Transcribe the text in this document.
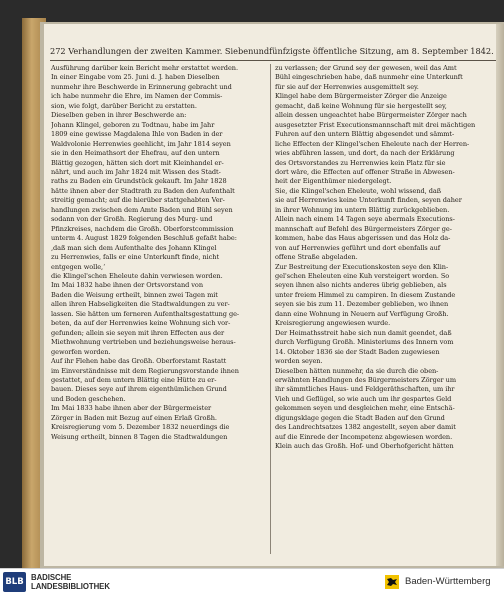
272 Verhandlungen der zweiten Kammer. Siebenundfünfzigste öffentliche Sitzung, am 8. September 1842.
Ausführung darüber kein Bericht mehr erstattet werden.
In einer Eingabe vom 25. Juni d. J. haben Dieselben
nunmehr ihre Beschwerde in Erinnerung gebracht und
ich habe nunmehr die Ehre, im Namen der Commis-
sion, wie folgt, darüber Bericht zu erstatten.
Dieselben geben in ihrer Beschwerde an:
Johann Klingel, geboren zu Todtnau, habe im Jahr
1809 eine gewisse Magdalena Ihle von Baden in der
Waldvolonie Herrenwies geehlicht, im Jahr 1814 seyen
sie in den Heimathsort der Ehefrau, auf den untern
Blättig gezogen, hätten sich dort mit Kleinhandel er-
nährt, und auch im Jahr 1824 mit Wissen des Stadt-
raths zu Baden ein Grundstück gekauft. Im Jahr 1828
hätte ihnen aber der Stadtrath zu Baden den Aufenthalt
streitig gemacht; auf die hierüber stattgehabten Ver-
handlungen zwischen dem Amte Baden und Bühl seyen
sodann von der Großh. Regierung des Murg- und
Pfinzkreises, nachdem die Großh. Oberforstcommission
unterm 4. August 1829 folgenden Beschluß gefaßt habe:
‚daß man sich dem Aufenthalte des Johann Klingel
zu Herrenwies, falls er eine Unterkunft finde, nicht
entgegen wolle,‘
die Klingel'schen Eheleute dahin verwiesen worden.
Im Mai 1832 habe ihnen der Ortsvorstand von
Baden die Weisung ertheilt, binnen zwei Tagen mit
allen ihren Habseligkeiten die Stadtwaldungen zu ver-
lassen. Sie hätten um ferneren Aufenthaltsgestattung ge-
beten, da auf der Herrenwies keine Wohnung sich vor-
gefunden; allein sie seyen mit ihren Effecten aus der
Miethwohnung vertrieben und beziehungsweise heraus-
geworfen worden.
Auf ihr Flehen habe das Großh. Oberforstamt Rastatt
im Einverständnisse mit dem Regierungsvorstande ihnen
gestattet, auf dem untern Blättig eine Hütte zu er-
bauen. Dieses seye auf ihrem eigenthümlichen Grund
und Boden geschehen.
Im Mai 1833 habe ihnen aber der Bürgermeister
Zörger in Baden mit Bezug auf einen Erlaß Großh.
Kreisregierung vom 5. Dezember 1832 neuerdings die
Weisung ertheilt, binnen 8 Tagen die Stadtwaldungen
zu verlassen; der Grund sey der gewesen, weil das Amt
Bühl eingeschrieben habe, daß nunmehr eine Unterkunft
für sie auf der Herrenwies ausgemittelt sey.
Klingel habe dem Bürgermeister Zörger die Anzeige
gemacht, daß keine Wohnung für sie hergestellt sey,
allein dessen ungeachtet habe Bürgermeister Zörger nach
ausgesetzter Frist Executionsmannschaft mit drei mächtigen
Fuhren auf den untern Blättig abgesendet und sämmt-
liche Effecten der Klingel'schen Eheleute nach der Herren-
wies abführen lassen, und dort, da nach der Erklärung
des Ortsvorstandes zu Herrenwies kein Platz für sie
dort wäre, die Effecten auf offener Straße in Abwesen-
heit der Eigenthümer niedergelegt.
Sie, die Klingel'schen Eheleute, wohl wissend, daß
sie auf Herrenwies keine Unterkunft finden, seyen daher
in ihrer Wohnung im untern Blättig zurückgeblieben.
Allein nach einem 14 Tagen seye abermals Executions-
mannschaft auf Befehl des Bürgermeisters Zörger ge-
kommen, habe das Haus abgerissen und das Holz da-
von auf Herrenwies geführt und dort ebenfalls auf
offene Straße abgeladen.
Zur Bestreitung der Executionskosten seye den Klin-
gel'schen Eheleuten eine Kuh versteigert worden. So
seyen ihnen also nichts anderes übrig geblieben, als
unter freiem Himmel zu campiren. In diesem Zustande
seyen sie bis zum 11. Dezember geblieben, wo ihnen
dann eine Wohnung in Neuern auf Verfügung Großh.
Kreisregierung angewiesen wurde.
Der Heimathsstreit habe sich nun damit geendet, daß
durch Verfügung Großh. Ministeriums des Innern vom
14. Oktober 1836 sie der Stadt Baden zugewiesen
worden seyen.
Dieselben hätten nunmehr, da sie durch die oben-
erwähnten Handlungen des Bürgermeisters Zörger um
ihr sämmtliches Haus- und Feldgeräthschaften, um ihr
Vieh und Geflügel, so wie auch um ihr gespartes Geld
gekommen seyen und desgleichen mehr, eine Entschä-
digungsklage gegen die Stadt Baden auf den Grund
des Landrechtsatzes 1382 angestellt, seyen aber damit
auf die Einrede der Incompetenz abgewiesen worden.
Klein auch das Großh. Hof- und Oberhofgericht hätten
BLB BADISCHE
LANDESBIBLIOTHEK	Baden-Württemberg
